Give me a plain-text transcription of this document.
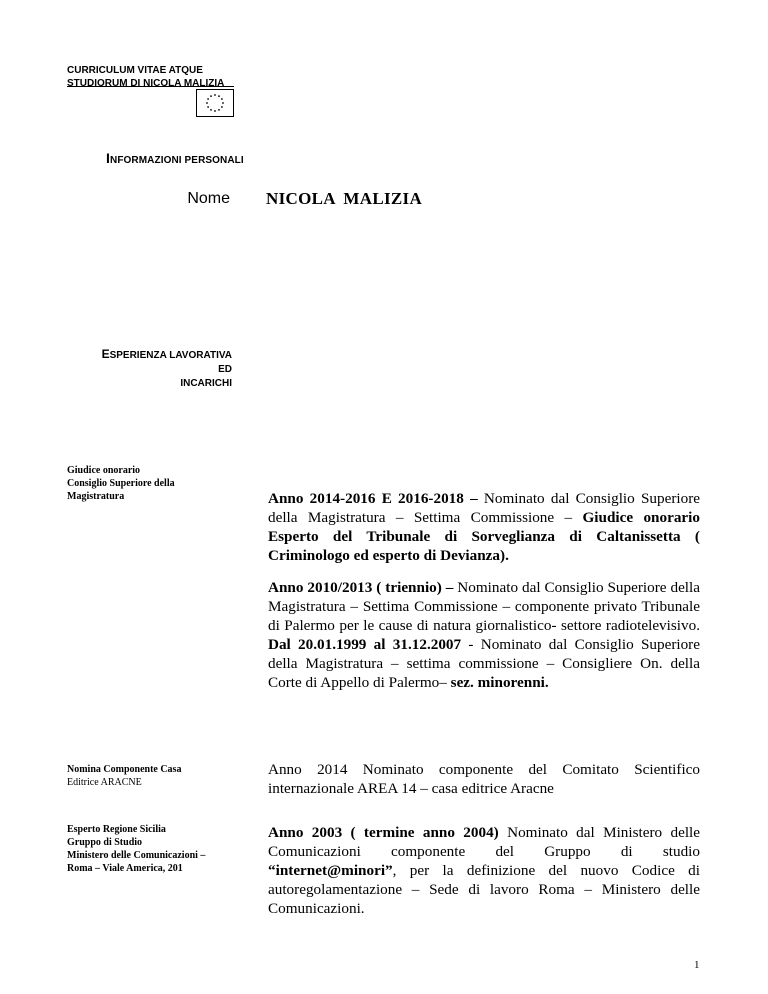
CURRICULUM VITAE ATQUE
STUDIORUM DI NICOLA MALIZIA
INFORMAZIONI PERSONALI
Nome NICOLA MALIZIA
ESPERIENZA LAVORATIVA ED
INCARICHI
Giudice onorario
Consiglio Superiore della
Magistratura
Nomina Componente Casa
Editrice ARACNE
Esperto Regione Sicilia
Gruppo di Studio
Ministero delle Comunicazioni –
Roma – Viale America, 201
Anno 2014-2016 E 2016-2018 – Nominato dal Consiglio Superiore della Magistratura – Settima Commissione – Giudice onorario Esperto del Tribunale di Sorveglianza di Caltanissetta ( Criminologo ed esperto di Devianza).
Anno 2010/2013 ( triennio) – Nominato dal Consiglio Superiore della Magistratura – Settima Commissione – componente privato Tribunale di Palermo per le cause di natura giornalistico- settore radiotelevisivo. Dal 20.01.1999 al 31.12.2007 - Nominato dal Consiglio Superiore della Magistratura – settima commissione – Consigliere On. della Corte di Appello di Palermo– sez. minorenni.
Anno 2014 Nominato componente del Comitato Scientifico internazionale AREA 14 – casa editrice Aracne
Anno 2003 ( termine anno 2004) Nominato dal Ministero delle Comunicazioni componente del Gruppo di studio “internet@minori”, per la definizione del nuovo Codice di autoregolamentazione – Sede di lavoro Roma – Ministero delle Comunicazioni.
1
